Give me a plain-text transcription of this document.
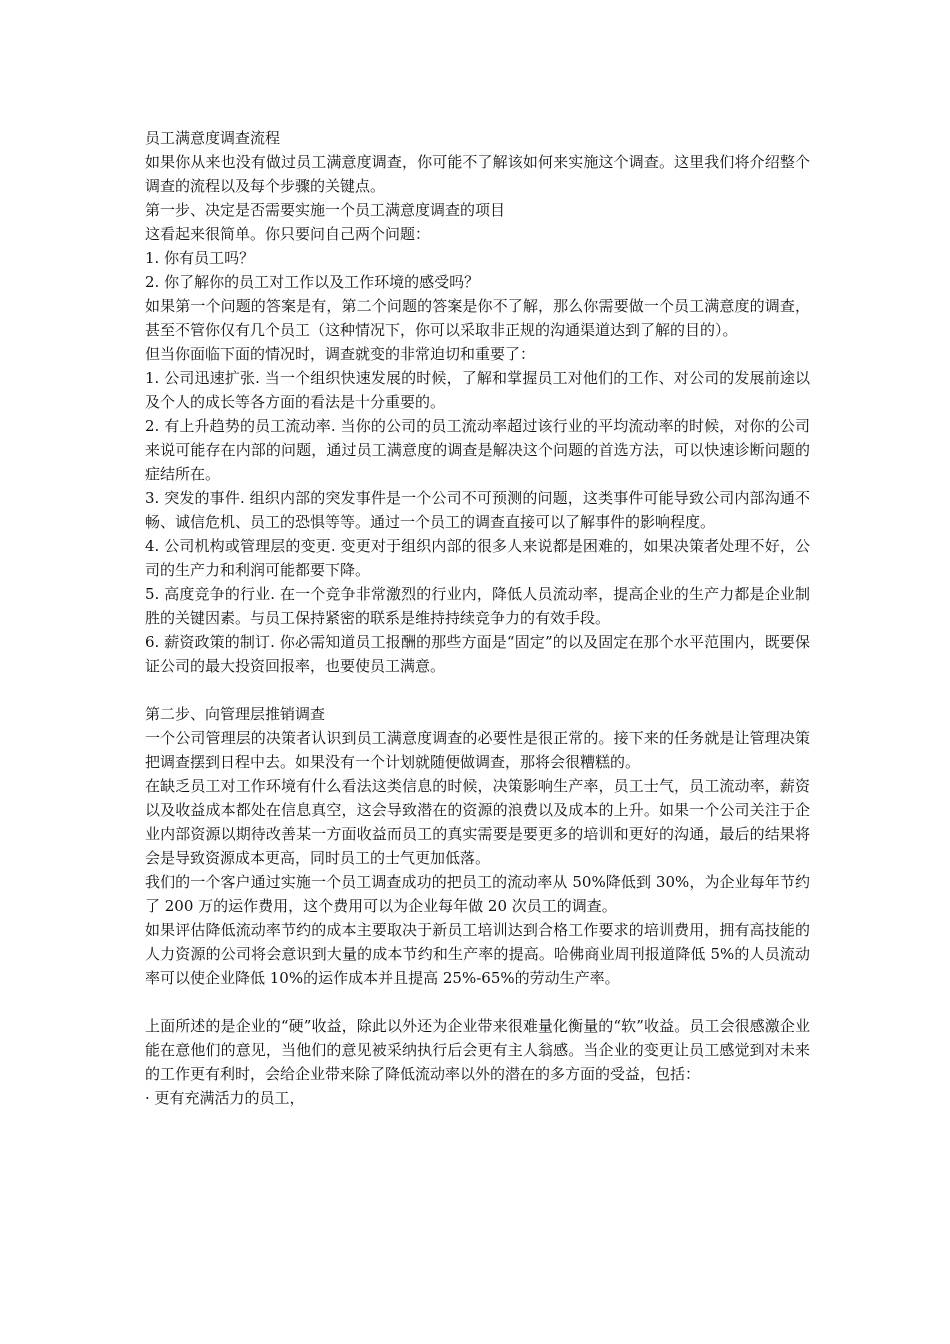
员工满意度调查流程

如果你从来也没有做过员工满意度调查，你可能不了解该如何来实施这个调查。这里我们将介绍整个调查的流程以及每个步骤的关键点。

第一步、决定是否需要实施一个员工满意度调查的项目

这看起来很简单。你只要问自己两个问题：

1. 你有员工吗？

2. 你了解你的员工对工作以及工作环境的感受吗？

如果第一个问题的答案是有，第二个问题的答案是你不了解，那么你需要做一个员工满意度的调查，甚至不管你仅有几个员工（这种情况下，你可以采取非正规的沟通渠道达到了解的目的）。

但当你面临下面的情况时，调查就变的非常迫切和重要了：

1. 公司迅速扩张. 当一个组织快速发展的时候，了解和掌握员工对他们的工作、对公司的发展前途以及个人的成长等各方面的看法是十分重要的。

2. 有上升趋势的员工流动率. 当你的公司的员工流动率超过该行业的平均流动率的时候，对你的公司来说可能存在内部的问题，通过员工满意度的调查是解决这个问题的首选方法，可以快速诊断问题的症结所在。

3. 突发的事件. 组织内部的突发事件是一个公司不可预测的问题，这类事件可能导致公司内部沟通不畅、诚信危机、员工的恐惧等等。通过一个员工的调查直接可以了解事件的影响程度。

4. 公司机构或管理层的变更. 变更对于组织内部的很多人来说都是困难的，如果决策者处理不好，公司的生产力和利润可能都要下降。

5. 高度竞争的行业. 在一个竞争非常激烈的行业内，降低人员流动率，提高企业的生产力都是企业制胜的关键因素。与员工保持紧密的联系是维持持续竞争力的有效手段。

6. 薪资政策的制订. 你必需知道员工报酬的那些方面是“固定”的以及固定在那个水平范围内，既要保证公司的最大投资回报率，也要使员工满意。

第二步、向管理层推销调查

一个公司管理层的决策者认识到员工满意度调查的必要性是很正常的。接下来的任务就是让管理决策把调查摆到日程中去。如果没有一个计划就随便做调查，那将会很糟糕的。

在缺乏员工对工作环境有什么看法这类信息的时候，决策影响生产率，员工士气，员工流动率，薪资以及收益成本都处在信息真空，这会导致潜在的资源的浪费以及成本的上升。如果一个公司关注于企业内部资源以期待改善某一方面收益而员工的真实需要是要更多的培训和更好的沟通，最后的结果将会是导致资源成本更高，同时员工的士气更加低落。

我们的一个客户通过实施一个员工调查成功的把员工的流动率从 50%降低到 30%，为企业每年节约了 200 万的运作费用，这个费用可以为企业每年做 20 次员工的调查。

如果评估降低流动率节约的成本主要取决于新员工培训达到合格工作要求的培训费用，拥有高技能的人力资源的公司将会意识到大量的成本节约和生产率的提高。哈佛商业周刊报道降低 5%的人员流动率可以使企业降低 10%的运作成本并且提高 25%-65%的劳动生产率。

上面所述的是企业的“硬”收益，除此以外还为企业带来很难量化衡量的“软”收益。员工会很感激企业能在意他们的意见，当他们的意见被采纳执行后会更有主人翁感。当企业的变更让员工感觉到对未来的工作更有利时，会给企业带来除了降低流动率以外的潜在的多方面的受益，包括：

· 更有充满活力的员工，
